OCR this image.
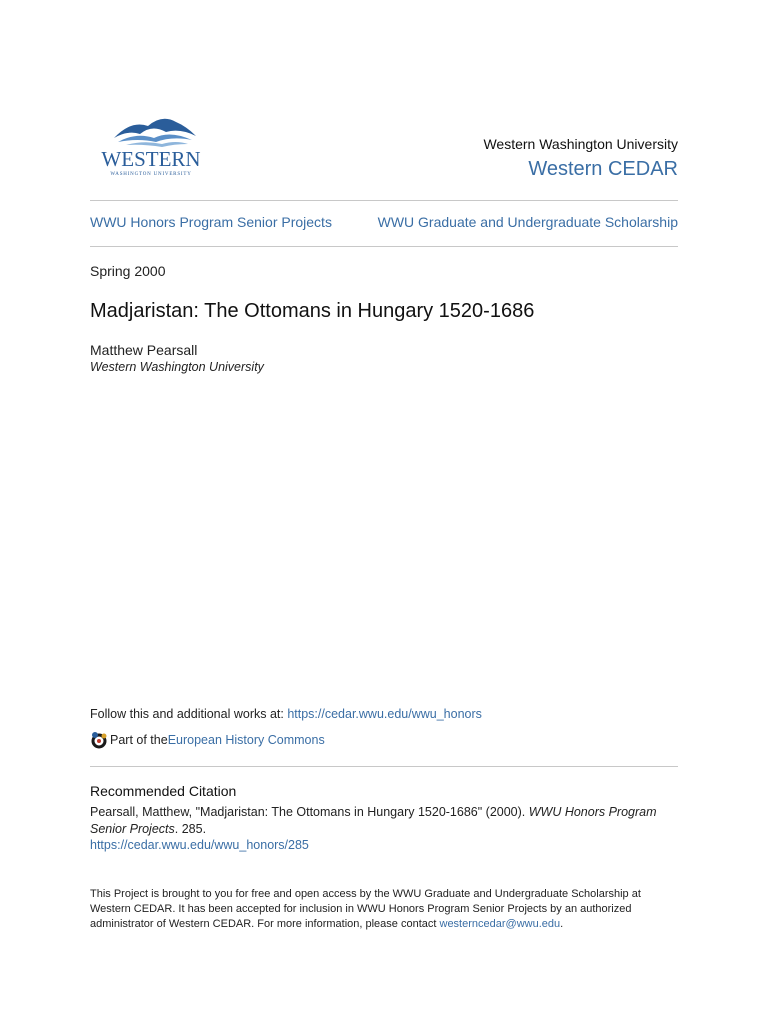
WESTERN
WASHINGTON UNIVERSITY
Western Washington University
Western CEDAR
WWU Honors Program Senior Projects	WWU Graduate and Undergraduate Scholarship
Spring 2000
Madjaristan: The Ottomans in Hungary 1520-1686
Matthew Pearsall
Western Washington University
Follow this and additional works at: https://cedar.wwu.edu/wwu_honors
Part of the European History Commons
Recommended Citation
Pearsall, Matthew, "Madjaristan: The Ottomans in Hungary 1520-1686" (2000). WWU Honors Program Senior Projects. 285.
https://cedar.wwu.edu/wwu_honors/285
This Project is brought to you for free and open access by the WWU Graduate and Undergraduate Scholarship at Western CEDAR. It has been accepted for inclusion in WWU Honors Program Senior Projects by an authorized administrator of Western CEDAR. For more information, please contact westerncedar@wwu.edu.
